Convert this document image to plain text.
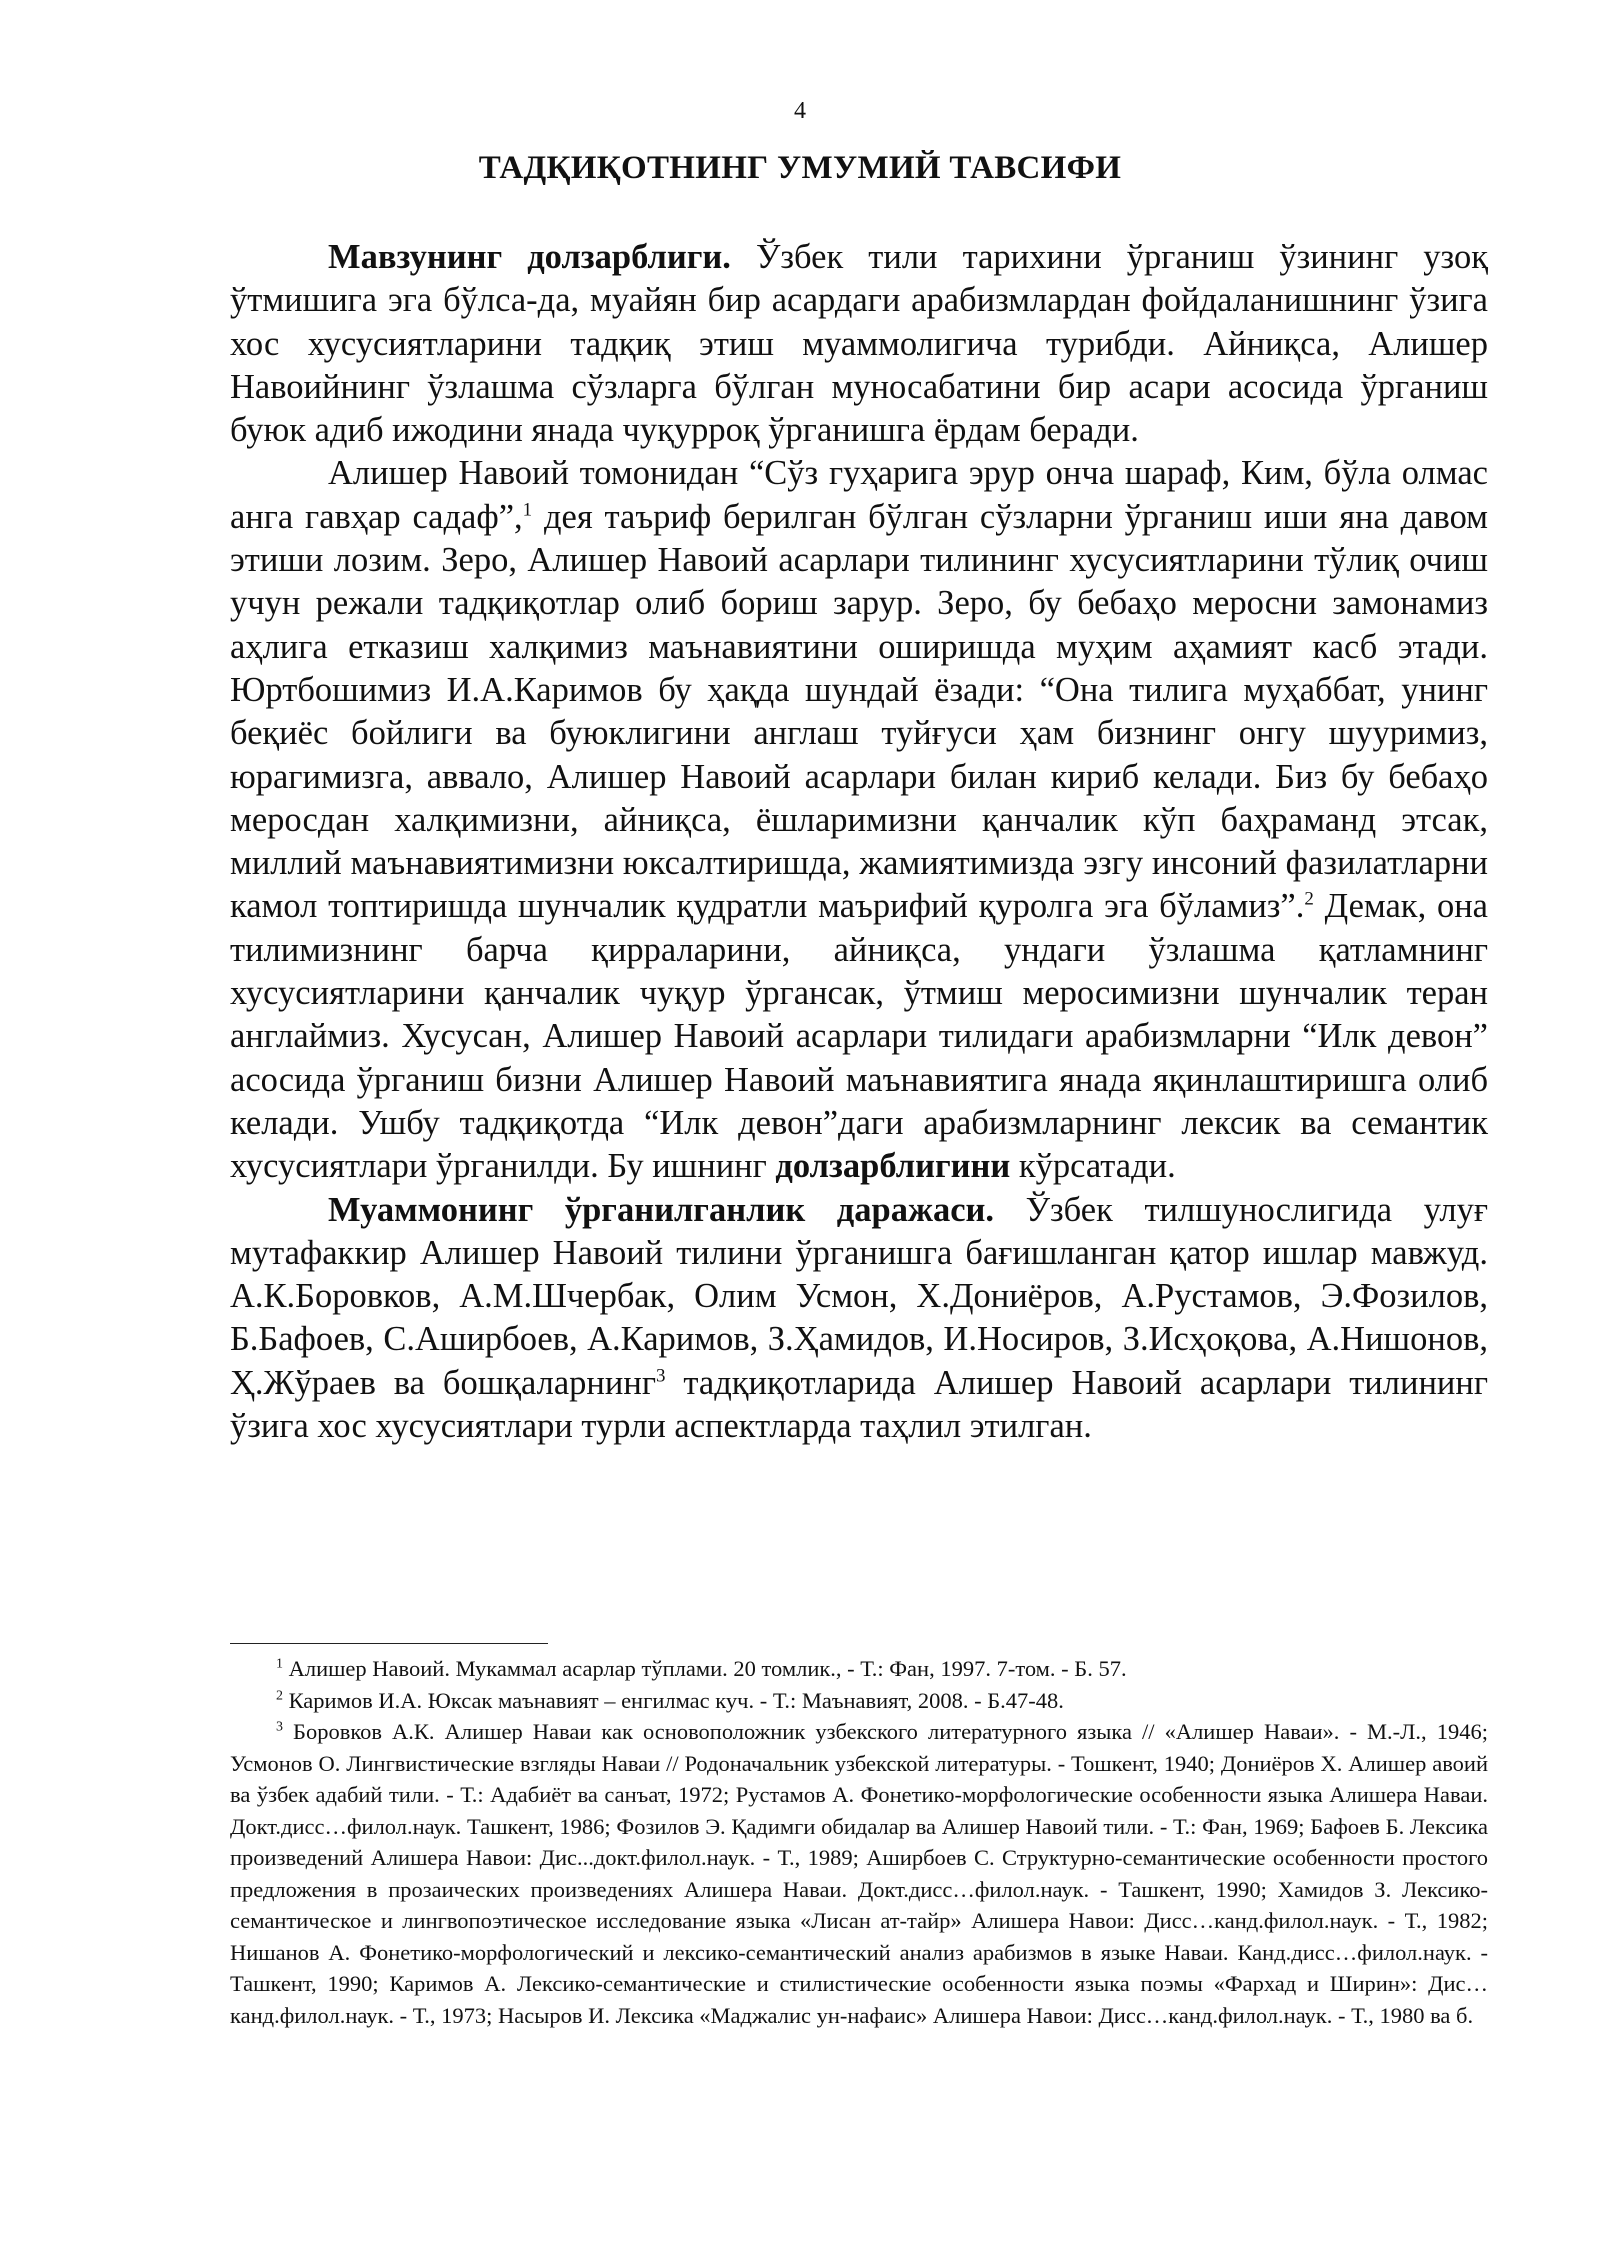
4
ТАДҚИҚОТНИНГ УМУМИЙ ТАВСИФИ

Мавзунинг долзарблиги. Ўзбек тили тарихини ўрганиш ўзининг узоқ ўтмишига эга бўлса-да, муайян бир асардаги арабизмлардан фойдаланишнинг ўзига хос хусусиятларини тадқиқ этиш муаммолигича турибди. Айниқса, Алишер Навоийнинг ўзлашма сўзларга бўлган муносабатини бир асари асосида ўрганиш буюк адиб ижодини янада чуқурроқ ўрганишга ёрдам беради.

Алишер Навоий томонидан “Сўз гуҳарига эрур онча шараф, Ким, бўла олмас анга гавҳар садаф”,$^1$ дея таъриф берилган бўлган сўзларни ўрганиш иши яна давом этиши лозим. Зеро, Алишер Навоий асарлари тилининг хусусиятларини тўлиқ очиш учун режали тадқиқотлар олиб бориш зарур. Зеро, бу бебаҳо меросни замонамиз аҳлига етказиш халқимиз маънавиятини оширишда муҳим аҳамият касб этади. Юртбошимиз И.А.Каримов бу ҳақда шундай ёзади: “Она тилига муҳаббат, унинг беқиёс бойлиги ва буюклигини англаш туйғуси ҳам бизнинг онгу шууримиз, юрагимизга, аввало, Алишер Навоий асарлари билан кириб келади. Биз бу бебаҳо меросдан халқимизни, айниқса, ёшларимизни қанчалик кўп баҳраманд этсак, миллий маънавиятимизни юксалтиришда, жамиятимизда эзгу инсоний фазилатларни камол топтиришда шунчалик қудратли маърифий қуролга эга бўламиз”.$^2$ Демак, она тилимизнинг барча қирраларини, айниқса, ундаги ўзлашма қатламнинг хусусиятларини қанчалик чуқур ўргансак, ўтмиш меросимизни шунчалик теран англаймиз. Хусусан, Алишер Навоий асарлари тилидаги арабизмларни “Илк девон” асосида ўрганиш бизни Алишер Навоий маънавиятига янада яқинлаштиришга олиб келади. Ушбу тадқиқотда “Илк девон”даги арабизмларнинг лексик ва семантик хусусиятлари ўрганилди. Бу ишнинг долзарблигини кўрсатади.

Муаммонинг ўрганилганлик даражаси. Ўзбек тилшунослигида улуғ мутафаккир Алишер Навоий тилини ўрганишга бағишланган қатор ишлар мавжуд. А.К.Боровков, А.М.Шчербак, Олим Усмон, Х.Дониёров, А.Рустамов, Э.Фозилов, Б.Бафоев, С.Аширбоев, А.Каримов, З.Ҳамидов, И.Носиров, З.Исҳоқова, А.Нишонов, Ҳ.Жўраев ва бошқаларнинг$^3$ тадқиқотларида Алишер Навоий асарлари тилининг ўзига хос хусусиятлари турли аспектларда таҳлил этилган.

$^1$ Алишер Навоий. Мукаммал асарлар тўплами. 20 томлик., - Т.: Фан, 1997. 7-том. - Б. 57.

$^2$ Каримов И.А. Юксак маънавият – енгилмас куч. - Т.: Маънавият, 2008. - Б.47-48.

$^3$ Боровков А.К. Алишер Наваи как основоположник узбекского литературного языка // «Алишер Наваи». - М.-Л., 1946; Усмонов О. Лингвистические взгляды Наваи // Родоначальник узбекской литературы. - Тошкент, 1940; Дониёров Х. Алишер авоий ва ўзбек адабий тили. - Т.: Адабиёт ва санъат, 1972; Рустамов А. Фонетико-морфологические особенности языка Алишера Наваи. Докт.дисс…филол.наук. Ташкент, 1986; Фозилов Э. Қадимги обидалар ва Алишер Навоий тили. - Т.: Фан, 1969; Бафоев Б. Лексика произведений Алишера Навои: Дис...докт.филол.наук. - Т., 1989; Аширбоев С. Структурно-семантические особенности простого предложения в прозаических произведениях Алишера Наваи. Докт.дисс…филол.наук. - Ташкент, 1990; Хамидов З. Лексико-семантическое и лингвопоэтическое исследование языка «Лисан ат-тайр» Алишера Навои: Дисс…канд.филол.наук. - Т., 1982; Нишанов А. Фонетико-морфологический и лексико-семантический анализ арабизмов в языке Наваи. Канд.дисс…филол.наук. - Ташкент, 1990; Каримов А. Лексико-семантические и стилистические особенности языка поэмы «Фархад и Ширин»: Дис…канд.филол.наук. - Т., 1973; Насыров И. Лексика «Маджалис ун-нафаис» Алишера Навои: Дисс…канд.филол.наук. - Т., 1980 ва б.
